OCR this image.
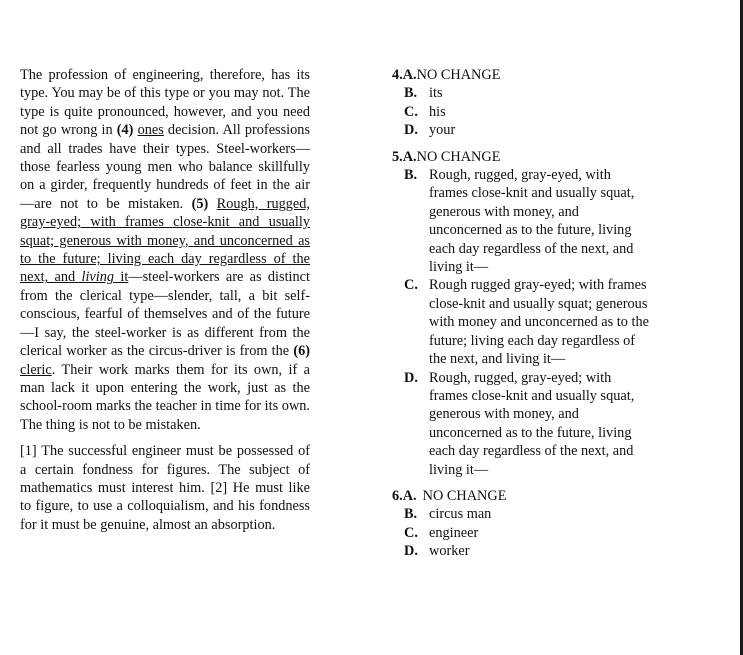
The profession of engineering, therefore, has its type. You may be of this type or you may not. The type is quite pronounced, however, and you need not go wrong in (4) ones decision. All professions and all trades have their types. Steel-workers—those fearless young men who balance skillfully on a girder, frequently hundreds of feet in the air—are not to be mistaken. (5) Rough, rugged, gray-eyed; with frames close-knit and usually squat; generous with money, and unconcerned as to the future; living each day regardless of the next, and living it—steel-workers are as distinct from the clerical type—slender, tall, a bit self-conscious, fearful of themselves and of the future—I say, the steel-worker is as different from the clerical worker as the circus-driver is from the (6) cleric. Their work marks them for its own, if a man lack it upon entering the work, just as the school-room marks the teacher in time for its own. The thing is not to be mistaken.

[1] The successful engineer must be possessed of a certain fondness for figures. The subject of mathematics must interest him. [2] He must like to figure, to use a colloquialism, and his fondness for it must be genuine, almost an absorption.

4.A. NO CHANGE
B. its
C. his
D. your
5.A. NO CHANGE
B. Rough, rugged, gray-eyed, with frames close-knit and usually squat, generous with money, and unconcerned as to the future, living each day regardless of the next, and living it—
C. Rough rugged gray-eyed; with frames close-knit and usually squat; generous with money and unconcerned as to the future; living each day regardless of the next, and living it—
D. Rough, rugged, gray-eyed; with frames close-knit and usually squat, generous with money, and unconcerned as to the future, living each day regardless of the next, and living it—
6.A. NO CHANGE
B. circus man
C. engineer
D. worker
